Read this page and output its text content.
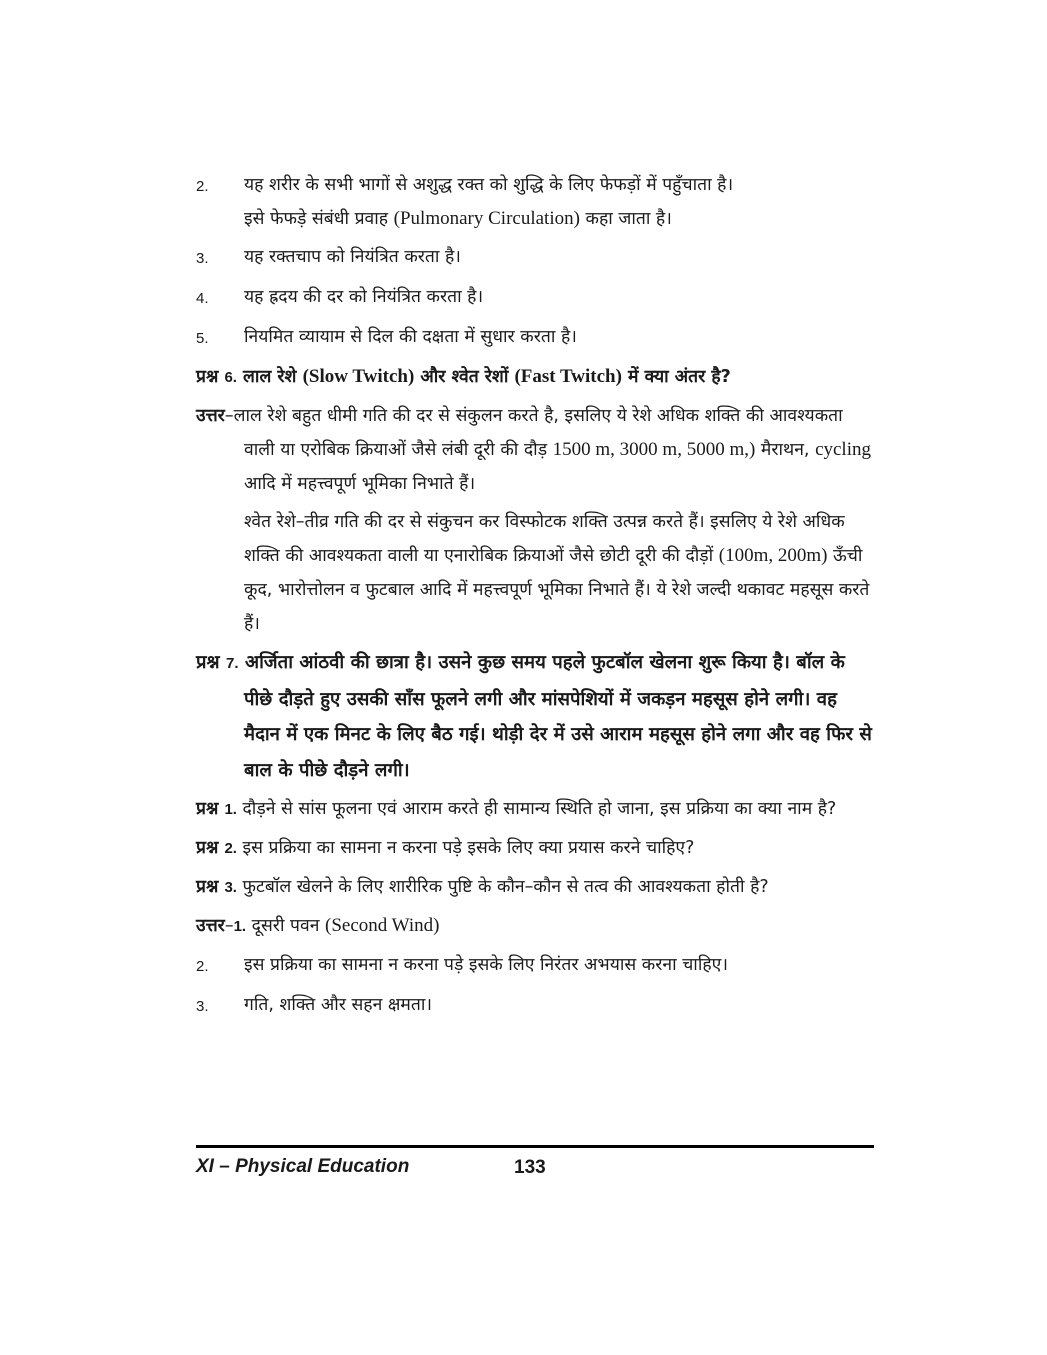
2.	यह शरीर के सभी भागों से अशुद्ध रक्त को शुद्धि के लिए फेफड़ों में पहुँचाता है।
इसे फेफड़े संबंधी प्रवाह (Pulmonary Circulation) कहा जाता है।
3.	यह रक्तचाप को नियंत्रित करता है।
4.	यह ह्रदय की दर को नियंत्रित करता है।
5.	नियमित व्यायाम से दिल की दक्षता में सुधार करता है।
प्रश्न 6. लाल रेशे (Slow Twitch) और श्वेत रेशों (Fast Twitch) में क्या अंतर है?
उत्तर–लाल रेशे बहुत धीमी गति की दर से संकुलन करते है, इसलिए ये रेशे अधिक शक्ति की आवश्यकता वाली या एरोबिक क्रियाओं जैसे लंबी दूरी की दौड़ 1500 m, 3000 m, 5000 m,) मैराथन, cycling आदि में महत्त्वपूर्ण भूमिका निभाते हैं।
श्वेत रेशे–तीव्र गति की दर से संकुचन कर विस्फोटक शक्ति उत्पन्न करते हैं। इसलिए ये रेशे अधिक शक्ति की आवश्यकता वाली या एनारोबिक क्रियाओं जैसे छोटी दूरी की दौड़ों (100m, 200m) ऊँची कूद, भारोत्तोलन व फुटबाल आदि में महत्त्वपूर्ण भूमिका निभाते हैं। ये रेशे जल्दी थकावट महसूस करते हैं।
प्रश्न 7. अर्जिता आंठवी की छात्रा है। उसने कुछ समय पहले फुटबॉल खेलना शुरू किया है। बॉल के पीछे दौड़ते हुए उसकी साँस फूलने लगी और मांसपेशियों में जकड़न महसूस होने लगी। वह मैदान में एक मिनट के लिए बैठ गई। थोड़ी देर में उसे आराम महसूस होने लगा और वह फिर से बाल के पीछे दौड़ने लगी।
प्रश्न 1. दौड़ने से सांस फूलना एवं आराम करते ही सामान्य स्थिति हो जाना, इस प्रक्रिया का क्या नाम है?
प्रश्न 2. इस प्रक्रिया का सामना न करना पड़े इसके लिए क्या प्रयास करने चाहिए?
प्रश्न 3. फुटबॉल खेलने के लिए शारीरिक पुष्टि के कौन–कौन से तत्व की आवश्यकता होती है?
उत्तर–1. दूसरी पवन (Second Wind)
2.	इस प्रक्रिया का सामना न करना पड़े इसके लिए निरंतर अभयास करना चाहिए।
3.	गति, शक्ति और सहन क्षमता।
XI – Physical Education	133
